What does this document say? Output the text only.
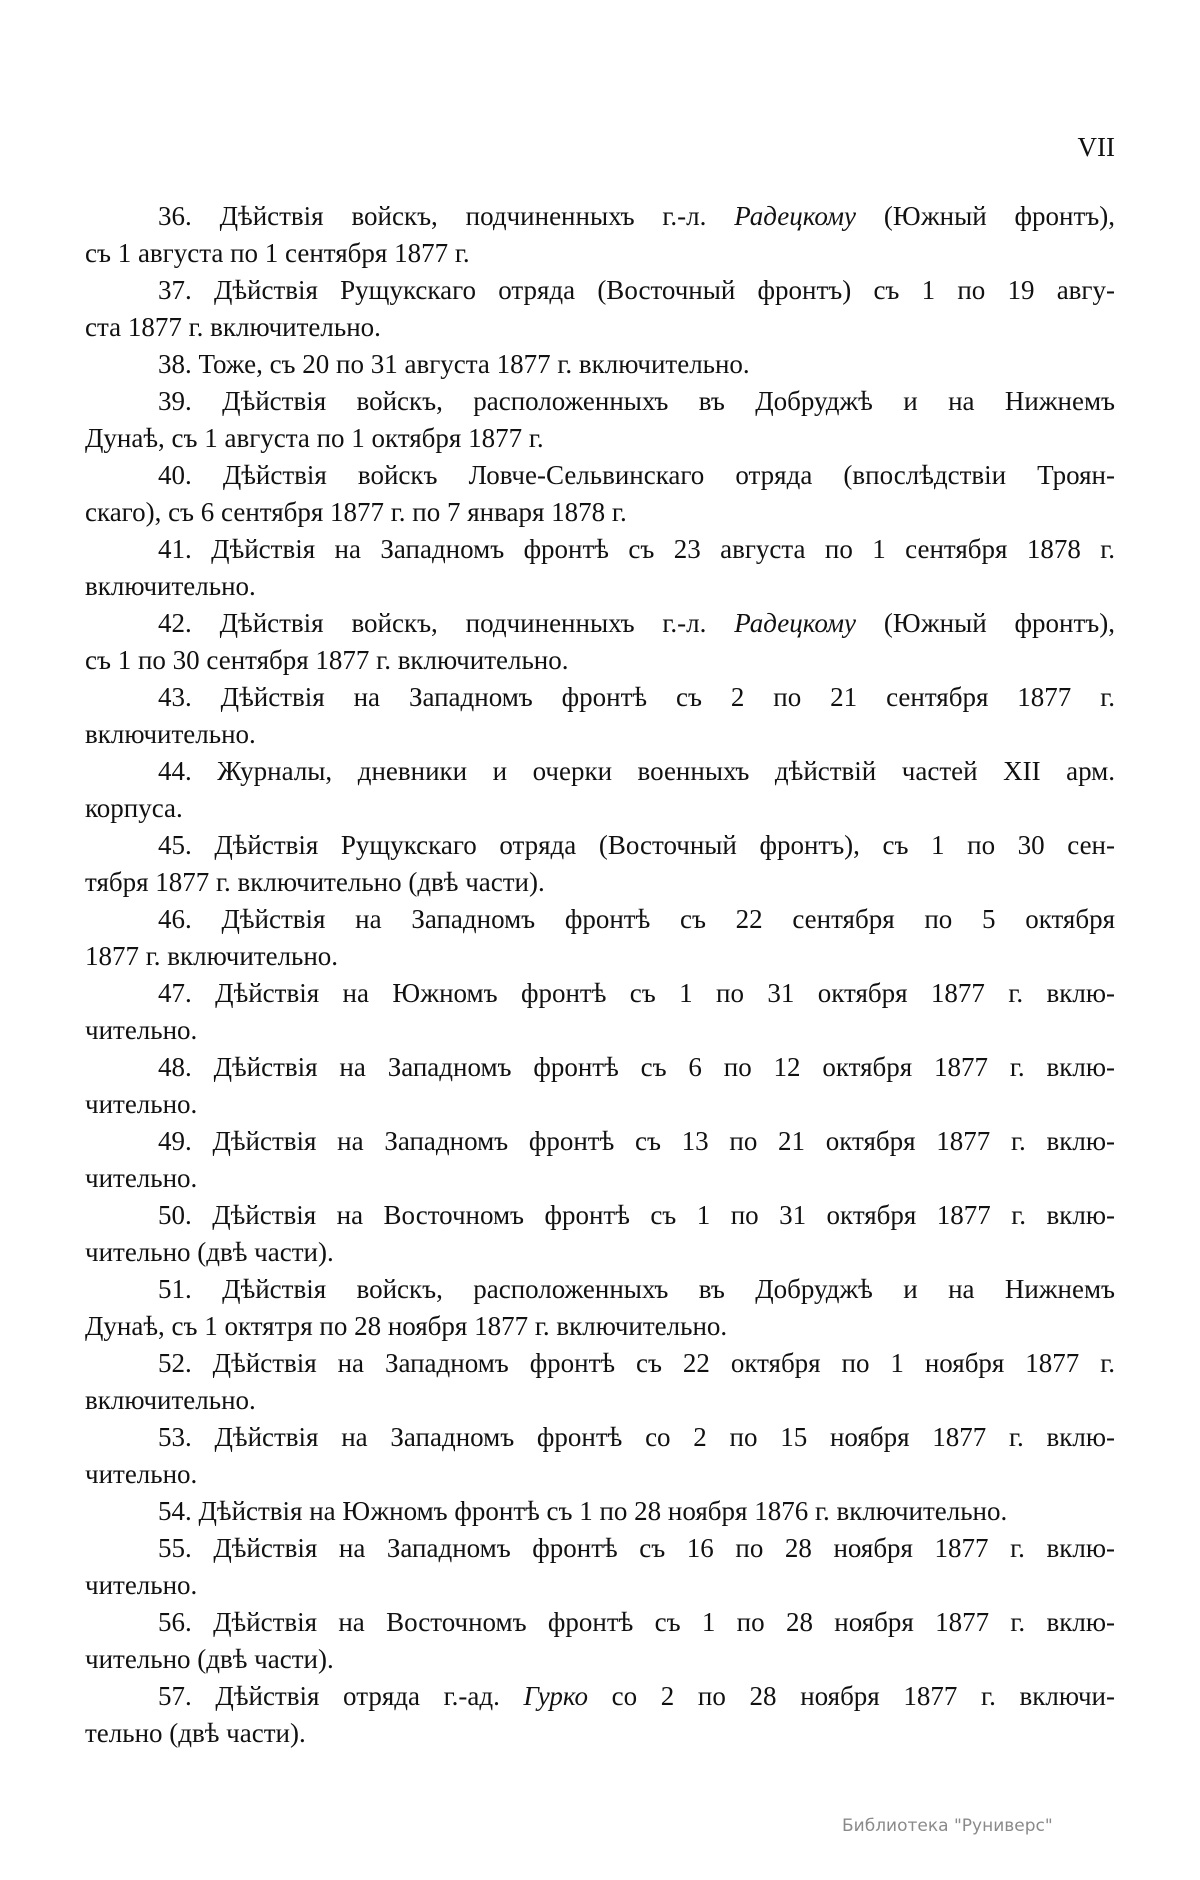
VII
36. Дѣйствія войскъ, подчиненныхъ г.-л. Радецкому (Южный фронтъ),
съ 1 августа по 1 сентября 1877 г.
37. Дѣйствія Рущукскаго отряда (Восточный фронтъ) съ 1 по 19 авгу-
ста 1877 г. включительно.
38. Тоже, съ 20 по 31 августа 1877 г. включительно.
39. Дѣйствія войскъ, расположенныхъ въ Добруджѣ и на Нижнемъ
Дунаѣ, съ 1 августа по 1 октября 1877 г.
40. Дѣйствія войскъ Ловче-Сельвинскаго отряда (впослѣдствіи Троян-
скаго), съ 6 сентября 1877 г. по 7 января 1878 г.
41. Дѣйствія на Западномъ фронтѣ съ 23 августа по 1 сентября 1878 г.
включительно.
42. Дѣйствія войскъ, подчиненныхъ г.-л. Радецкому (Южный фронтъ),
съ 1 по 30 сентября 1877 г. включительно.
43. Дѣйствія на Западномъ фронтѣ съ 2 по 21 сентября 1877 г.
включительно.
44. Журналы, дневники и очерки военныхъ дѣйствій частей XII арм.
корпуса.
45. Дѣйствія Рущукскаго отряда (Восточный фронтъ), съ 1 по 30 сен-
тября 1877 г. включительно (двѣ части).
46. Дѣйствія на Западномъ фронтѣ съ 22 сентября по 5 октября
1877 г. включительно.
47. Дѣйствія на Южномъ фронтѣ съ 1 по 31 октября 1877 г. вклю-
чительно.
48. Дѣйствія на Западномъ фронтѣ съ 6 по 12 октября 1877 г. вклю-
чительно.
49. Дѣйствія на Западномъ фронтѣ съ 13 по 21 октября 1877 г. вклю-
чительно.
50. Дѣйствія на Восточномъ фронтѣ съ 1 по 31 октября 1877 г. вклю-
чительно (двѣ части).
51. Дѣйствія войскъ, расположенныхъ въ Добруджѣ и на Нижнемъ
Дунаѣ, съ 1 октятря по 28 ноября 1877 г. включительно.
52. Дѣйствія на Западномъ фронтѣ съ 22 октября по 1 ноября 1877 г.
включительно.
53. Дѣйствія на Западномъ фронтѣ со 2 по 15 ноября 1877 г. вклю-
чительно.
54. Дѣйствія на Южномъ фронтѣ съ 1 по 28 ноября 1876 г. включительно.
55. Дѣйствія на Западномъ фронтѣ съ 16 по 28 ноября 1877 г. вклю-
чительно.
56. Дѣйствія на Восточномъ фронтѣ съ 1 по 28 ноября 1877 г. вклю-
чительно (двѣ части).
57. Дѣйствія отряда г.-ад. Гурко со 2 по 28 ноября 1877 г. включи-
тельно (двѣ части).
Библиотека "Руниверс"
